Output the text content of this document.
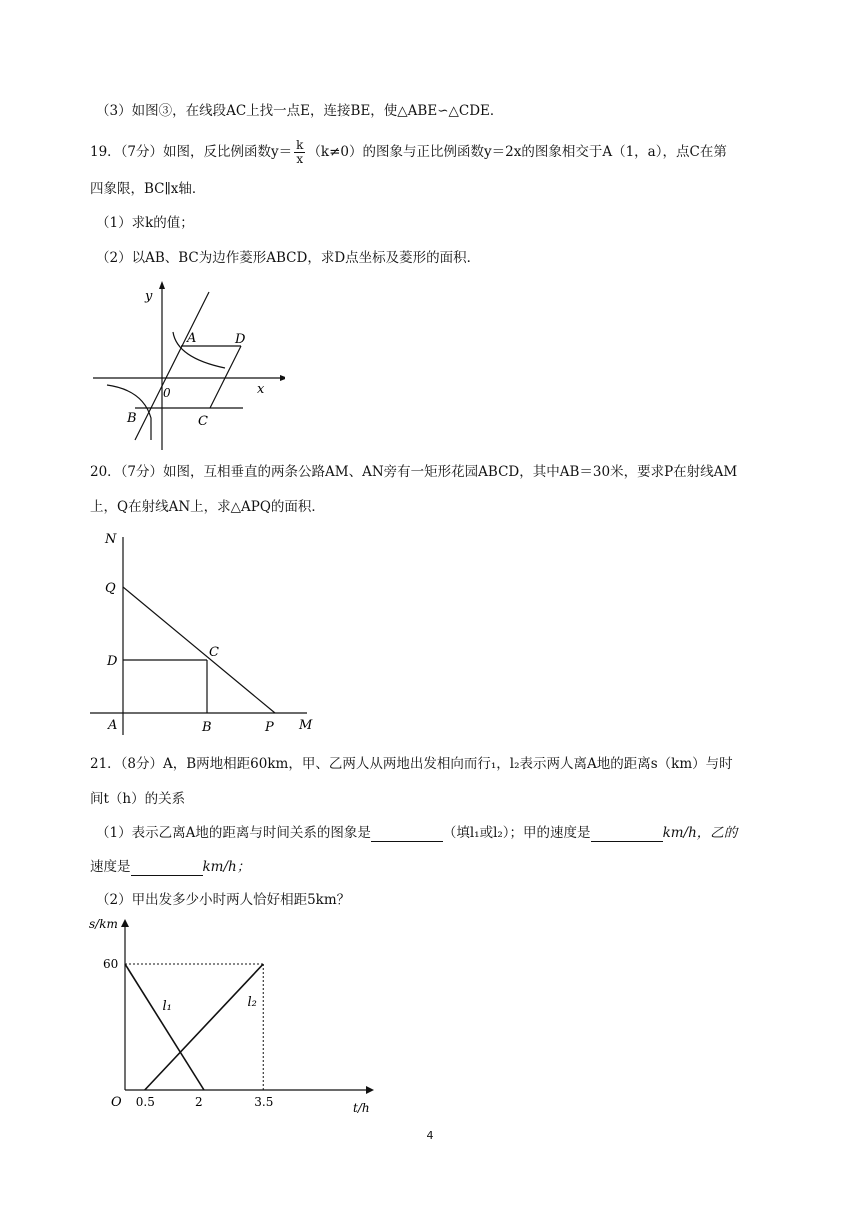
（3）如图③，在线段AC上找一点E，连接BE，使△ABE∽△CDE．
19．（7分）如图，反比例函数$y= \frac{k}{x} (k\ne 0)$的图象与正比例函数y＝2x的图象相交于A（1，a），点C在第
四象限，BC∥x轴．
（1）求k的值；
（2）以AB、BC为边作菱形ABCD，求D点坐标及菱形的面积．
y
x
0
A	D
B	C
20．（7分）如图，互相垂直的两条公路AM、AN旁有一矩形花园ABCD，其中AB＝30米，要求P在射线AM
上，Q在射线AN上，求△APQ的面积．
N
Q
D
C
A	B	P M
21．（8分）A，B两地相距60km，甲、乙两人从两地出发相向而行₁，l₂表示两人离A地的距离s（km）与时
间t（h）的关系
（1）表示乙离A地的距离与时间关系的图象是	（填l₁或l₂）；甲的速度是	km/h，乙的
速度是	km/h；
（2）甲出发多少小时两人恰好相距5km？
s/km
t/h
O
l₁	l₂
60
0.5	2	3.5
4
